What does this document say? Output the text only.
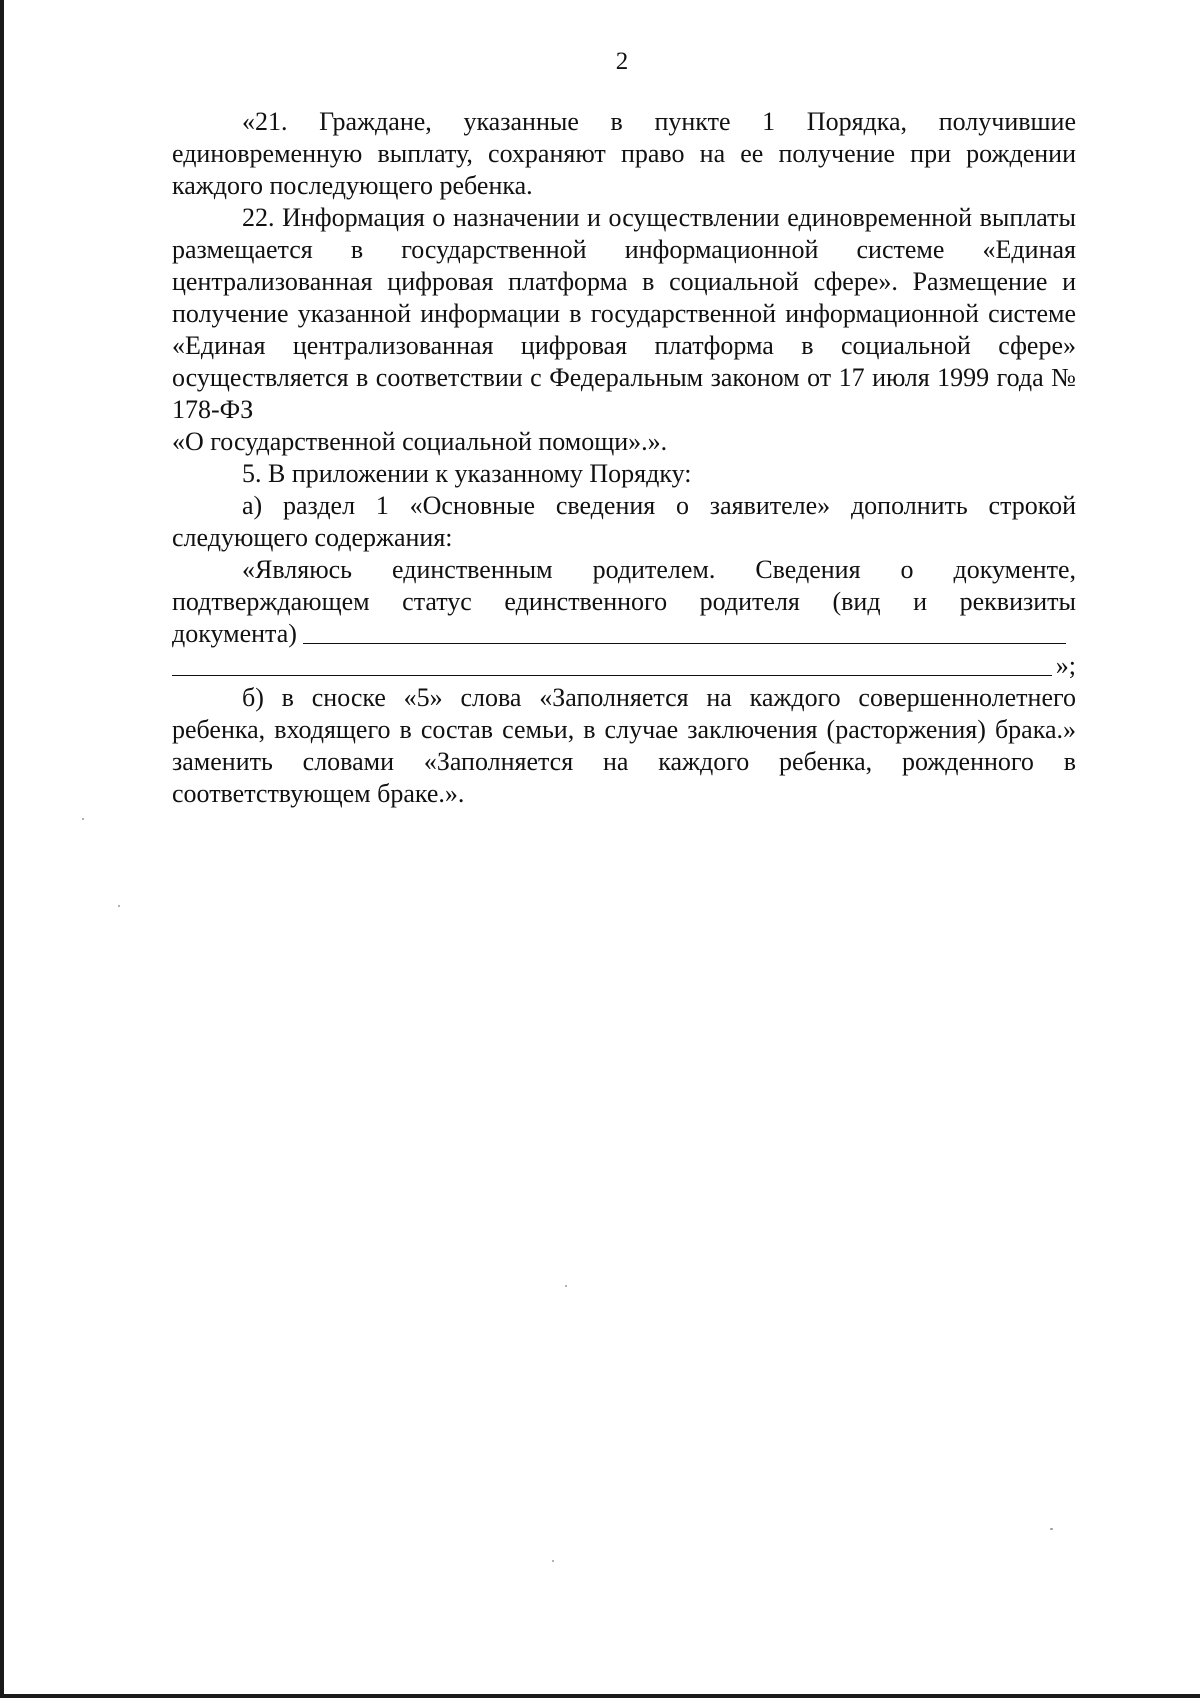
2

«21. Граждане, указанные в пункте 1 Порядка, получившие единовременную выплату, сохраняют право на ее получение при рождении каждого последующего ребенка.

22. Информация о назначении и осуществлении единовременной выплаты размещается в государственной информационной системе «Единая централизованная цифровая платформа в социальной сфере». Размещение и получение указанной информации в государственной информационной системе «Единая централизованная цифровая платформа в социальной сфере» осуществляется в соответствии с Федеральным законом от 17 июля 1999 года № 178-ФЗ

«О государственной социальной помощи».».

5. В приложении к указанному Порядку:

а) раздел 1 «Основные сведения о заявителе» дополнить строкой следующего содержания:

«Являюсь единственным родителем. Сведения о документе, подтверждающем статус единственного родителя (вид и реквизиты

документа)
»;

б) в сноске «5» слова «Заполняется на каждого совершеннолетнего ребенка, входящего в состав семьи, в случае заключения (расторжения) брака.» заменить словами «Заполняется на каждого ребенка, рожденного в соответствующем браке.».
